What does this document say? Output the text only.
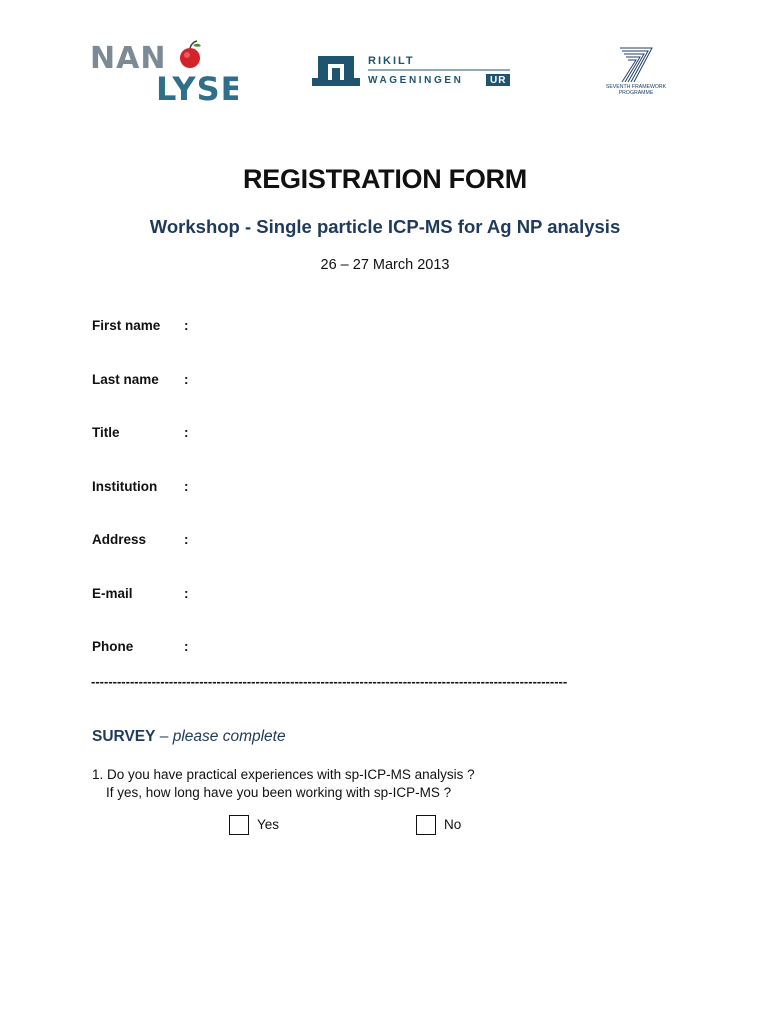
NAN
LYSE
RIKILT
WAGENINGEN	UR
SEVENTH FRAMEWORK
PROGRAMME
REGISTRATION FORM
Workshop - Single particle ICP-MS for Ag NP analysis
26 – 27 March 2013
First name :
Last name :
Title	:
Institution :
Address	:
E-mail	:
Phone	:
--------------------------------------------------------------------------------------------------------------
SURVEY – please complete
1. Do you have practical experiences with sp-ICP-MS analysis ?
If yes, how long have you been working with sp-ICP-MS ?
Yes	No
